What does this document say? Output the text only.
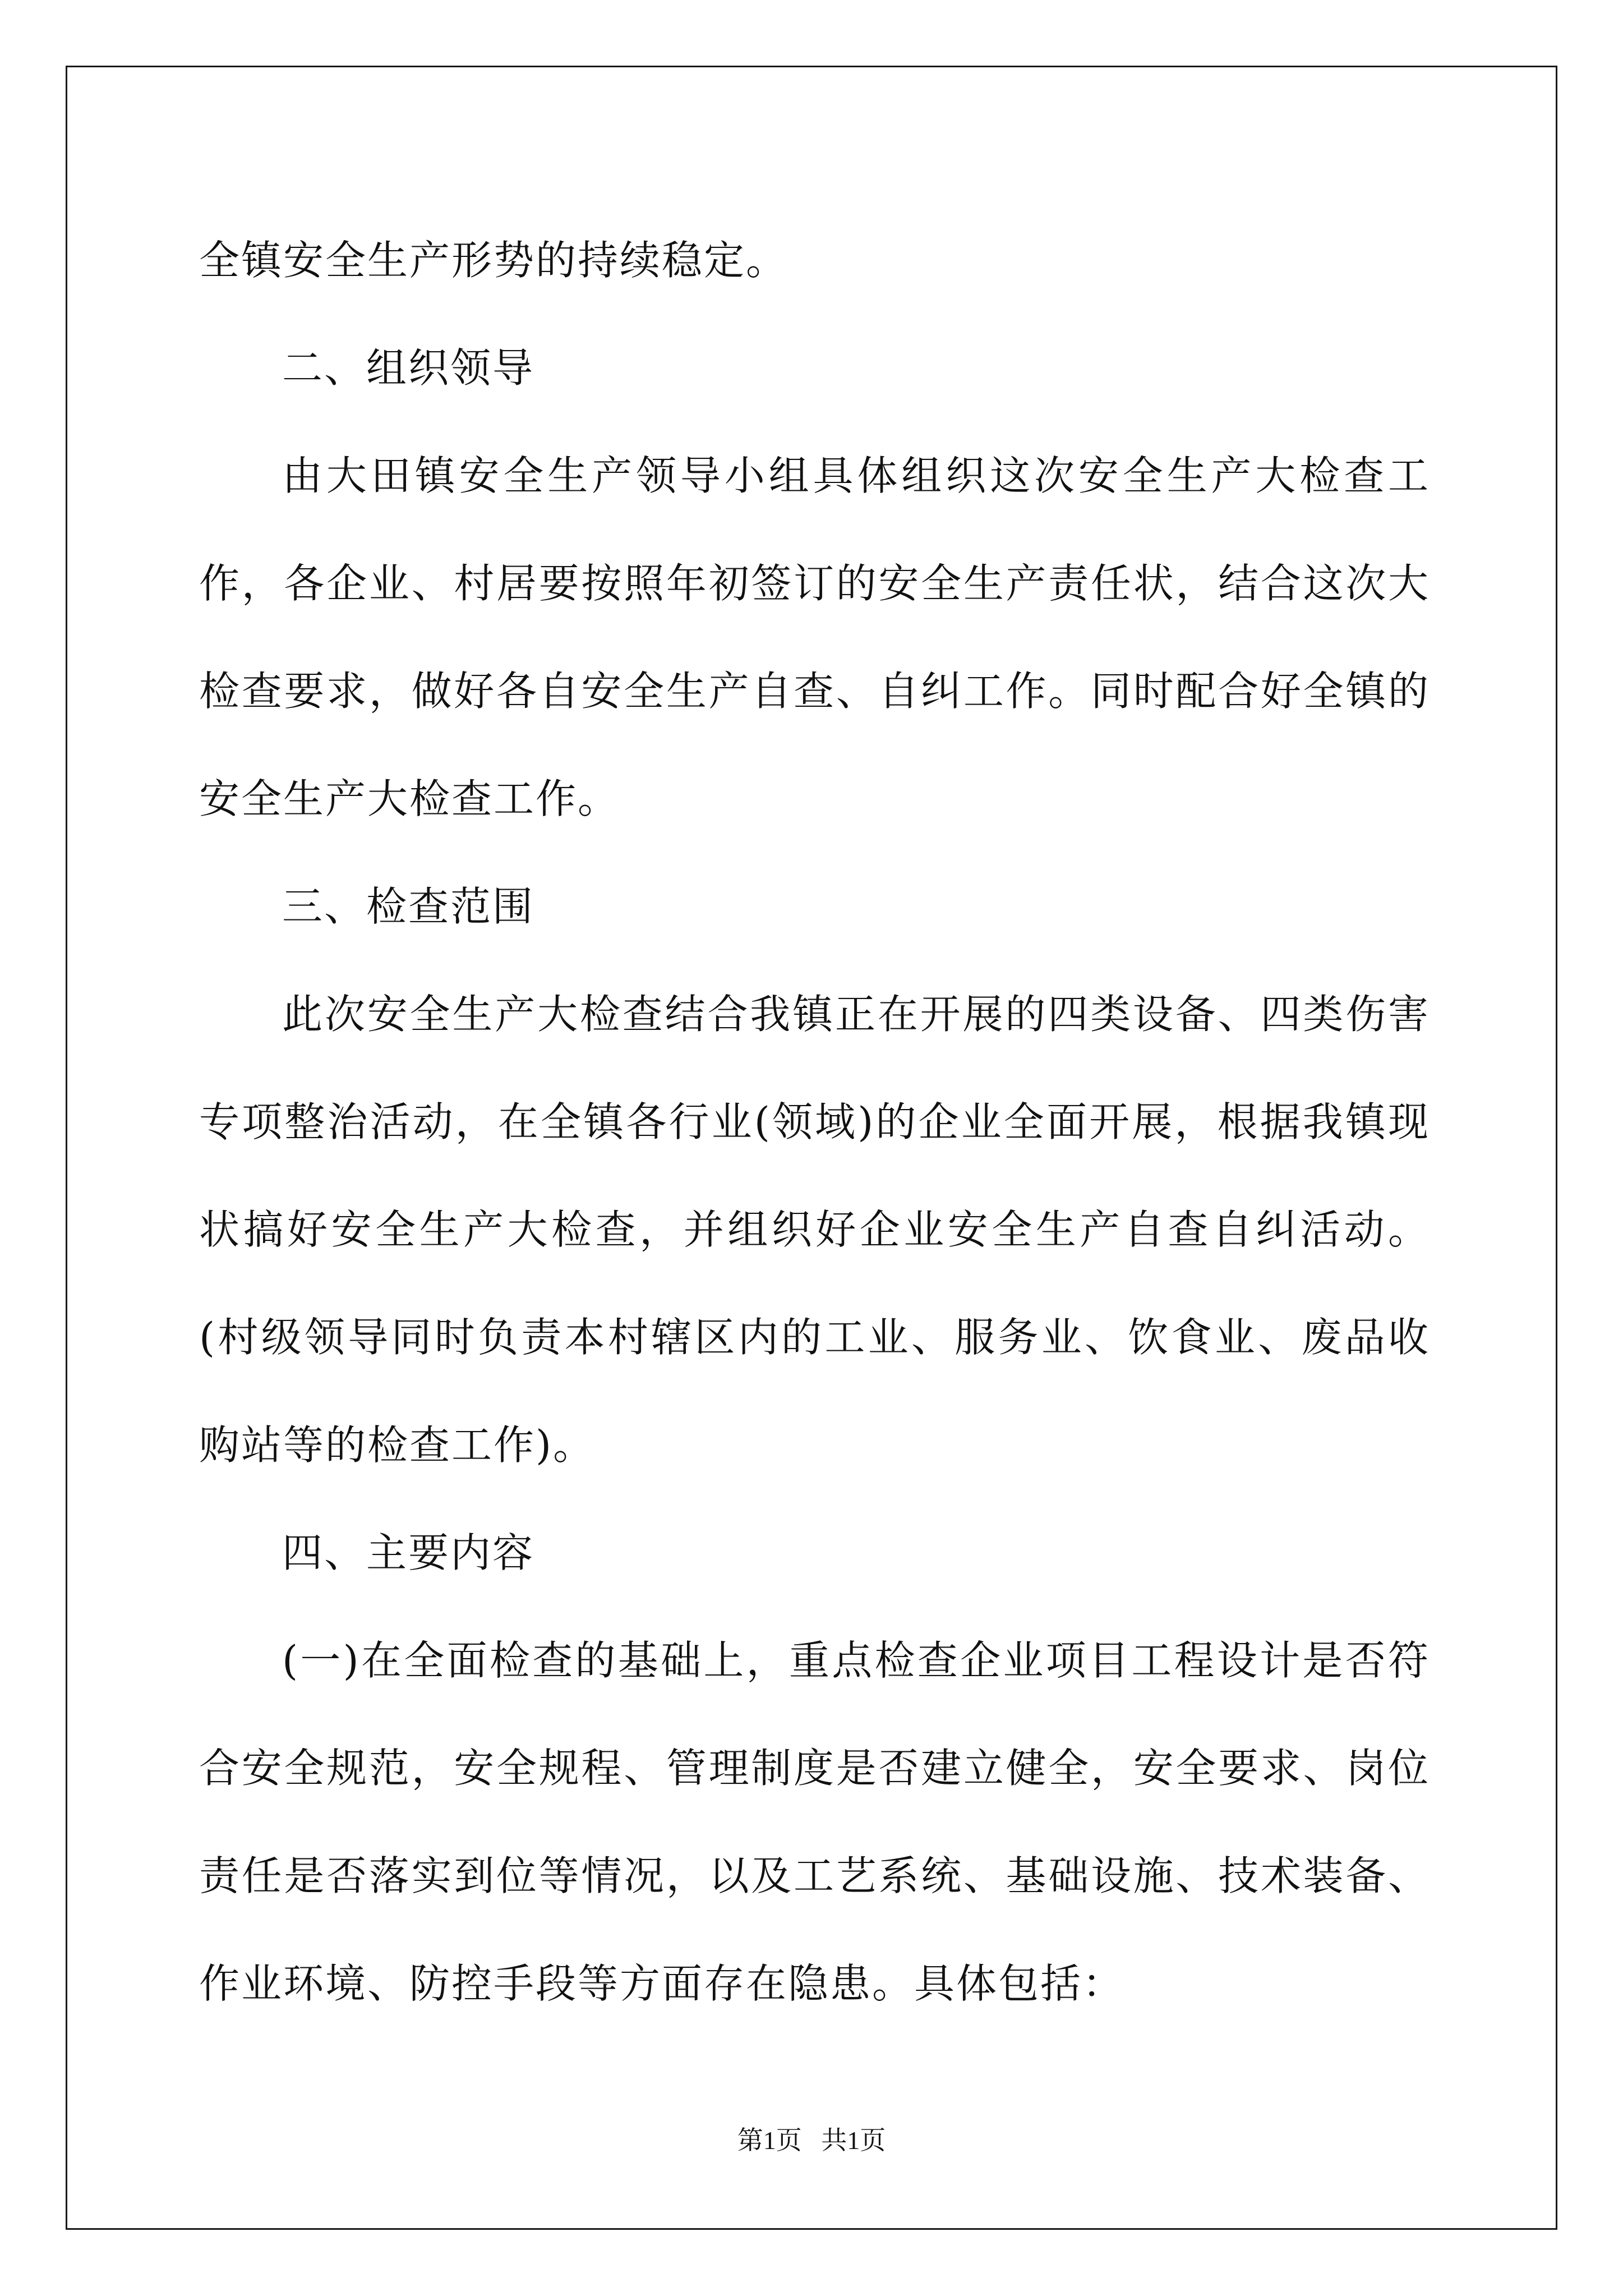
全镇安全生产形势的持续稳定。

二、组织领导

由大田镇安全生产领导小组具体组织这次安全生产大检查工作，各企业、村居要按照年初签订的安全生产责任状，结合这次大检查要求，做好各自安全生产自查、自纠工作。同时配合好全镇的安全生产大检查工作。

三、检查范围

此次安全生产大检查结合我镇正在开展的四类设备、四类伤害专项整治活动，在全镇各行业(领域)的企业全面开展，根据我镇现状搞好安全生产大检查，并组织好企业安全生产自查自纠活动。(村级领导同时负责本村辖区内的工业、服务业、饮食业、废品收购站等的检查工作)。

四、主要内容

(一)在全面检查的基础上，重点检查企业项目工程设计是否符合安全规范，安全规程、管理制度是否建立健全，安全要求、岗位责任是否落实到位等情况，以及工艺系统、基础设施、技术装备、作业环境、防控手段等方面存在隐患。具体包括：

第1页 共1页
